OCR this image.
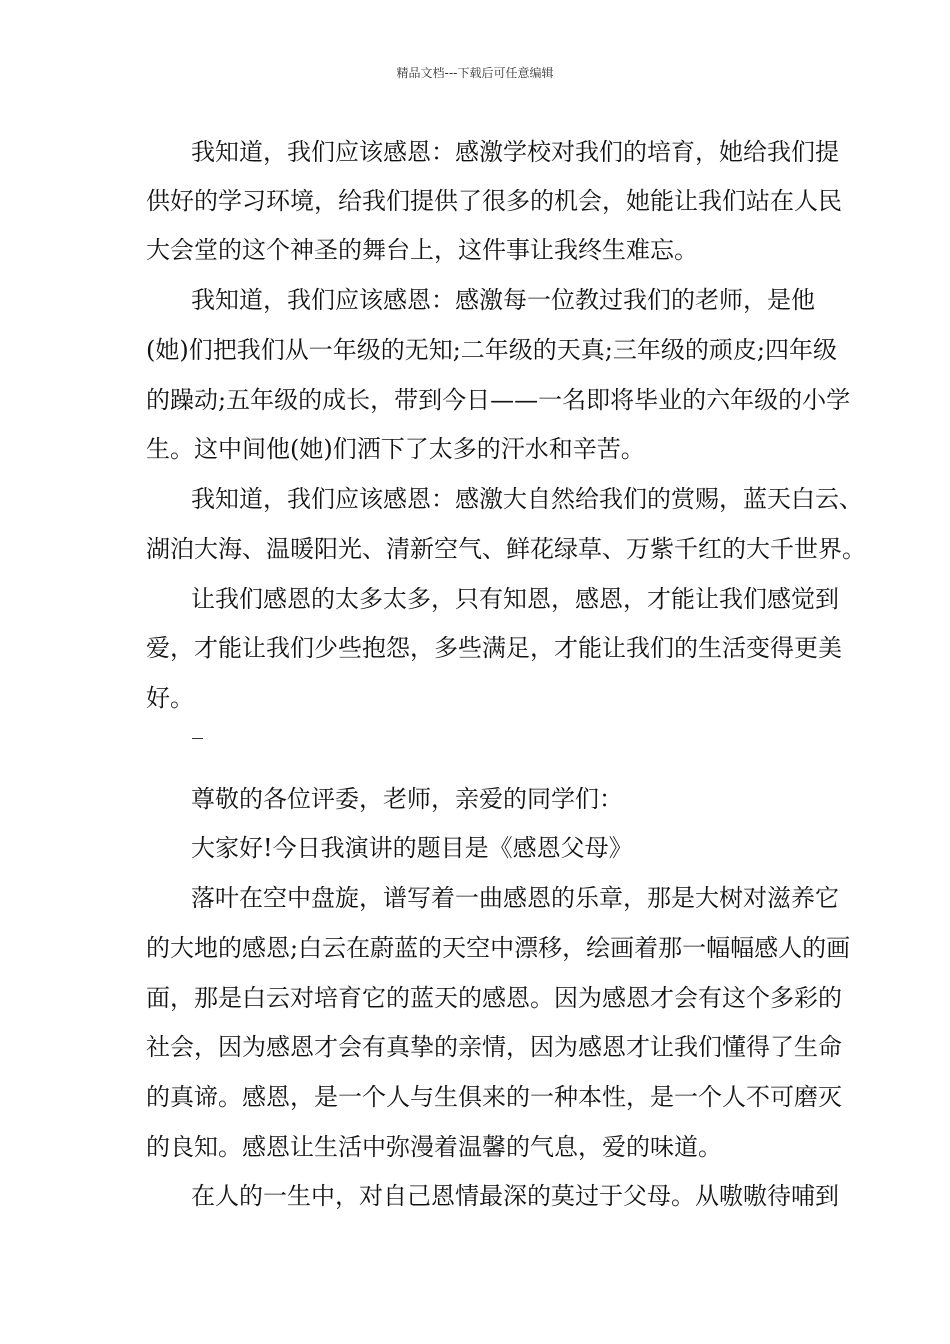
精品文档---下载后可任意编辑
我知道，我们应该感恩：感激学校对我们的培育，她给我们提
供好的学习环境，给我们提供了很多的机会，她能让我们站在人民
大会堂的这个神圣的舞台上，这件事让我终生难忘。
我知道，我们应该感恩：感激每一位教过我们的老师，是他
(她)们把我们从一年级的无知;二年级的天真;三年级的顽皮;四年级
的躁动;五年级的成长，带到今日——一名即将毕业的六年级的小学
生。这中间他(她)们洒下了太多的汗水和辛苦。
我知道，我们应该感恩：感激大自然给我们的赏赐，蓝天白云、
湖泊大海、温暖阳光、清新空气、鲜花绿草、万紫千红的大千世界。
让我们感恩的太多太多，只有知恩，感恩，才能让我们感觉到
爱，才能让我们少些抱怨，多些满足，才能让我们的生活变得更美
好。
尊敬的各位评委，老师，亲爱的同学们：
大家好!今日我演讲的题目是《感恩父母》
落叶在空中盘旋，谱写着一曲感恩的乐章，那是大树对滋养它
的大地的感恩;白云在蔚蓝的天空中漂移，绘画着那一幅幅感人的画
面，那是白云对培育它的蓝天的感恩。因为感恩才会有这个多彩的
社会，因为感恩才会有真挚的亲情，因为感恩才让我们懂得了生命
的真谛。感恩，是一个人与生俱来的一种本性，是一个人不可磨灭
的良知。感恩让生活中弥漫着温馨的气息，爱的味道。
在人的一生中，对自己恩情最深的莫过于父母。从嗷嗷待哺到
